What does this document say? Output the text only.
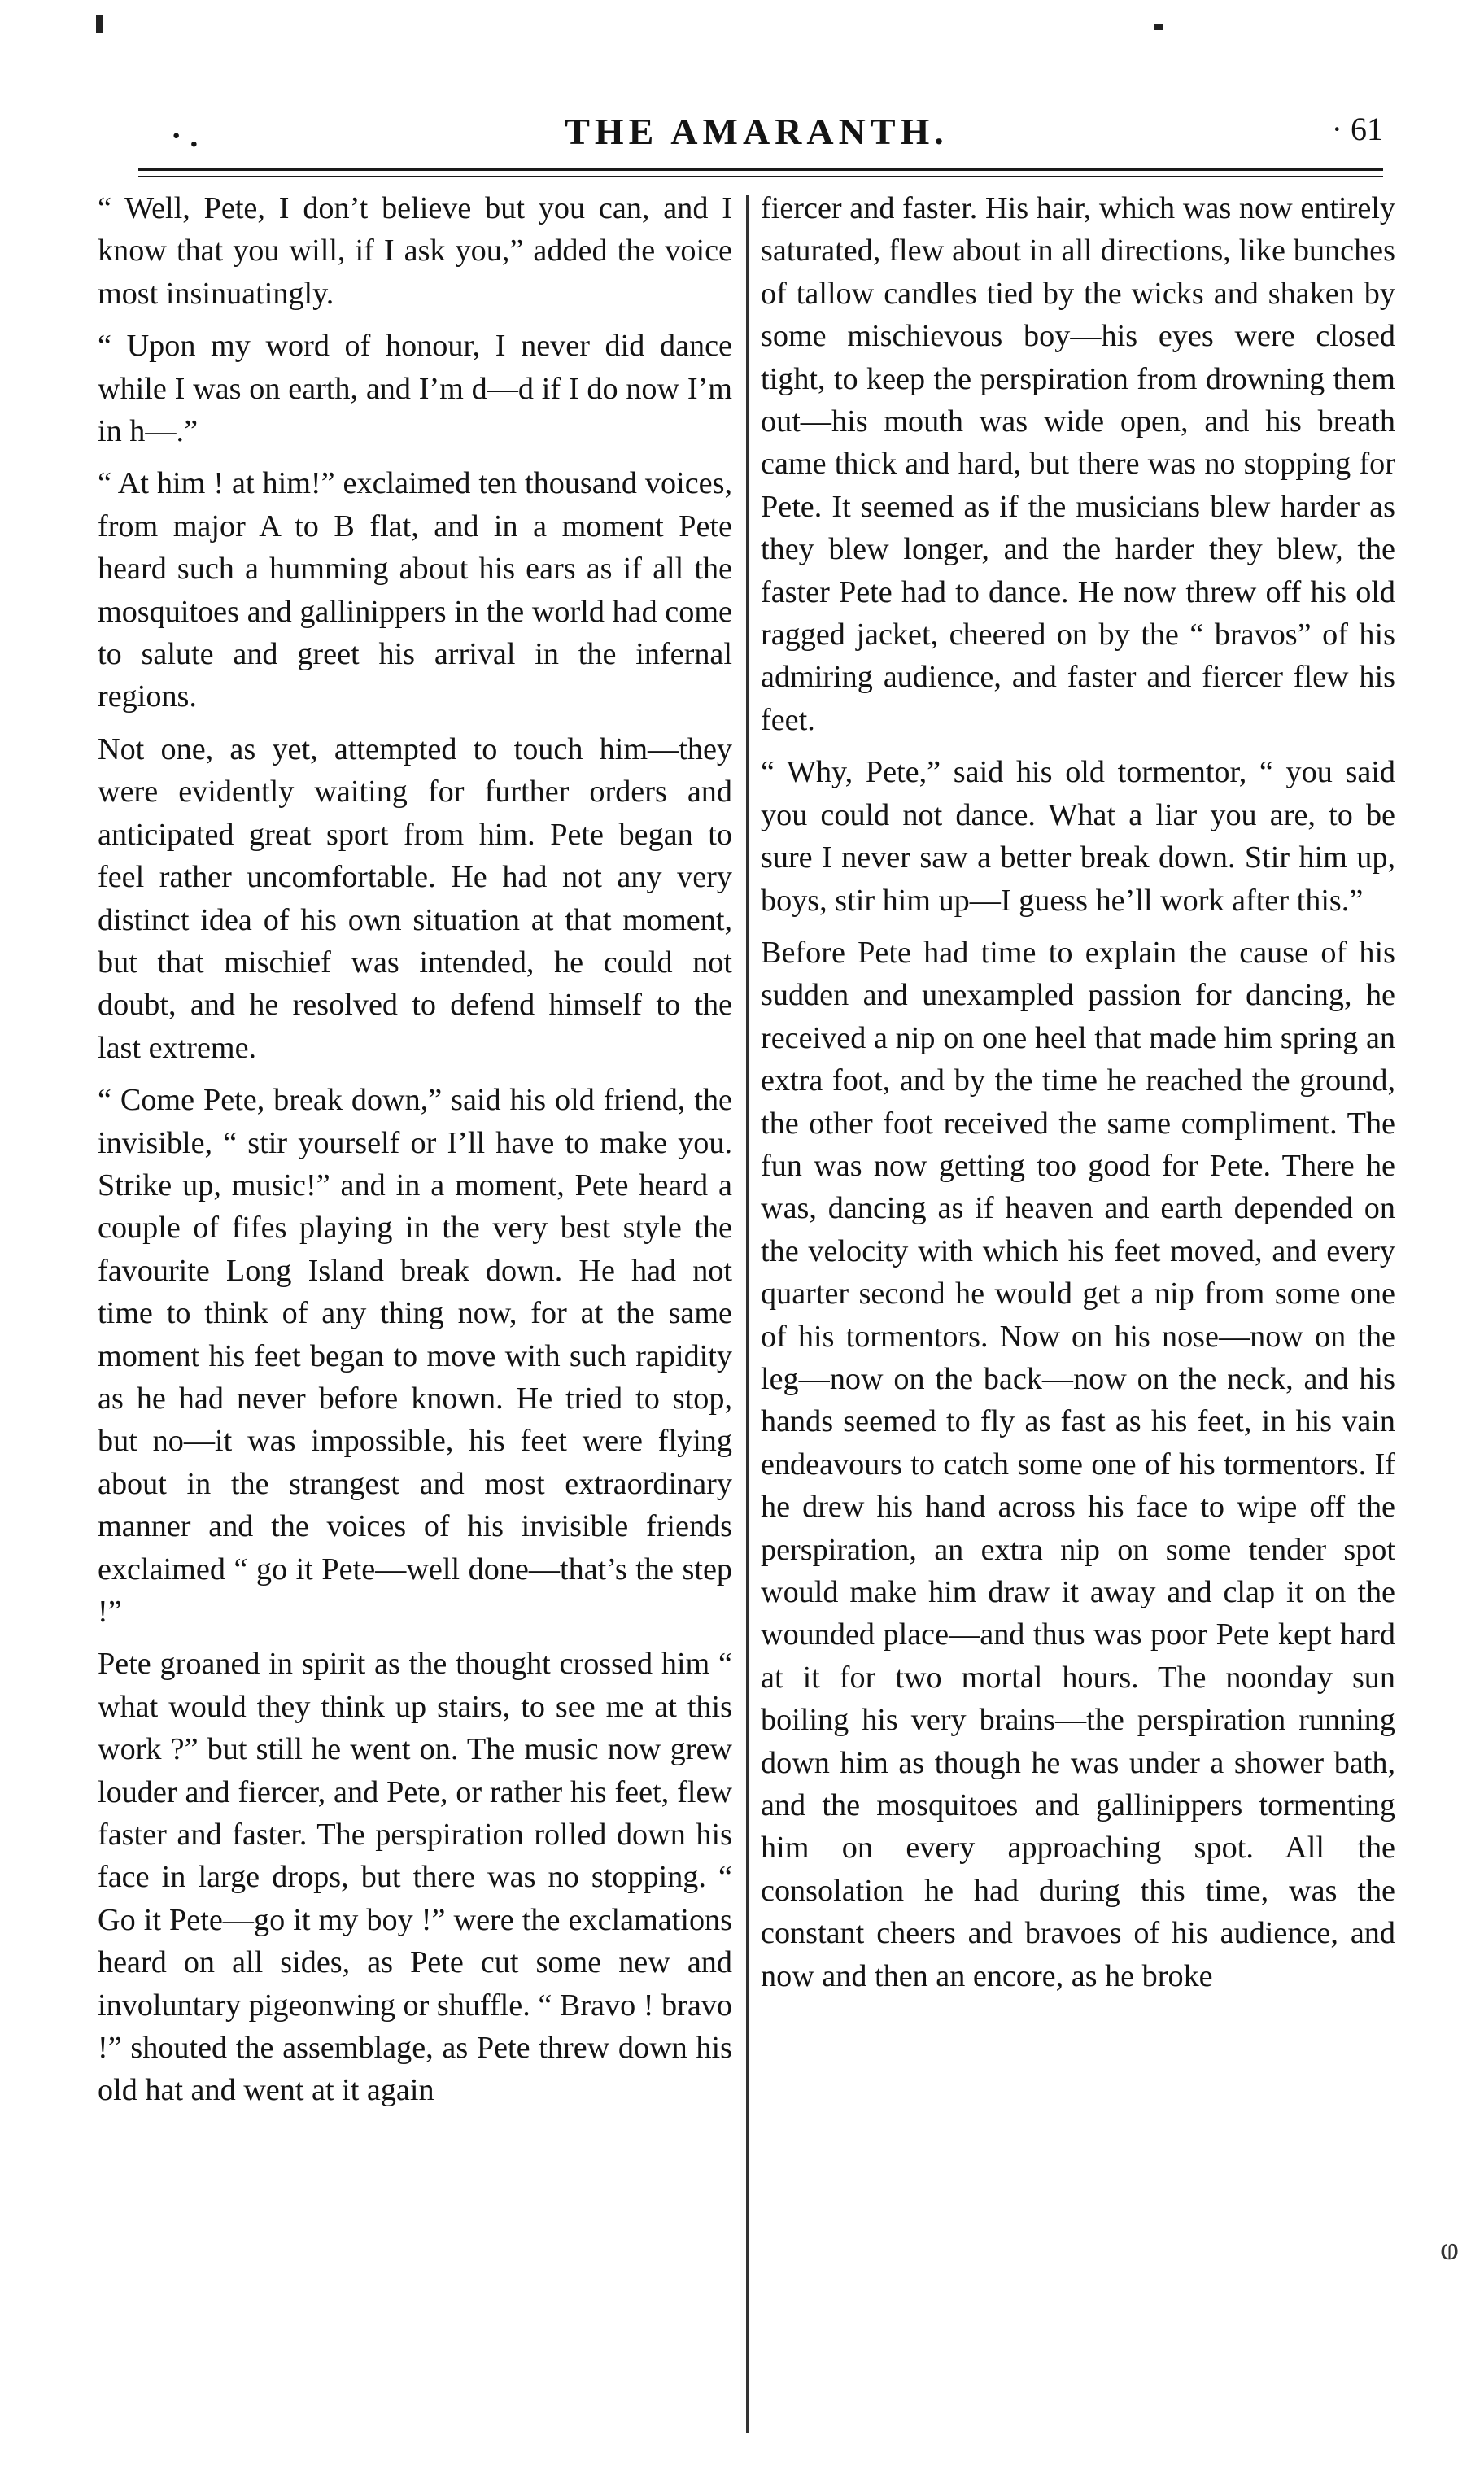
· .	THE AMARANTH.	· 61

“ Well, Pete, I don’t believe but you can, and I know that you will, if I ask you,” added the voice most insinuatingly.

“ Upon my word of honour, I never did dance while I was on earth, and I’m d—d if I do now I’m in h—.”

“ At him ! at him!” exclaimed ten thousand voices, from major A to B flat, and in a moment Pete heard such a humming about his ears as if all the mosquitoes and gallinippers in the world had come to salute and greet his arrival in the infernal regions.

Not one, as yet, attempted to touch him—they were evidently waiting for further orders and anticipated great sport from him. Pete began to feel rather uncomfortable. He had not any very distinct idea of his own situation at that moment, but that mischief was intended, he could not doubt, and he resolved to defend himself to the last extreme.

“ Come Pete, break down,” said his old friend, the invisible, “ stir yourself or I’ll have to make you. Strike up, music!” and in a moment, Pete heard a couple of fifes playing in the very best style the favourite Long Island break down. He had not time to think of any thing now, for at the same moment his feet began to move with such rapidity as he had never before known. He tried to stop, but no—it was impossible, his feet were flying about in the strangest and most extraordinary manner and the voices of his invisible friends exclaimed “ go it Pete—well done—that’s the step !”

Pete groaned in spirit as the thought crossed him “ what would they think up stairs, to see me at this work ?” but still he went on. The music now grew louder and fiercer, and Pete, or rather his feet, flew faster and faster. The perspiration rolled down his face in large drops, but there was no stopping. “ Go it Pete—go it my boy !” were the exclamations heard on all sides, as Pete cut some new and involuntary pigeonwing or shuffle. “ Bravo ! bravo !” shouted the assemblage, as Pete threw down his old hat and went at it again

fiercer and faster. His hair, which was now entirely saturated, flew about in all directions, like bunches of tallow candles tied by the wicks and shaken by some mischievous boy—his eyes were closed tight, to keep the perspiration from drowning them out—his mouth was wide open, and his breath came thick and hard, but there was no stopping for Pete. It seemed as if the musicians blew harder as they blew longer, and the harder they blew, the faster Pete had to dance. He now threw off his old ragged jacket, cheered on by the “ bravos” of his admiring audience, and faster and fiercer flew his feet.

“ Why, Pete,” said his old tormentor, “ you said you could not dance. What a liar you are, to be sure I never saw a better break down. Stir him up, boys, stir him up—I guess he’ll work after this.”

Before Pete had time to explain the cause of his sudden and unexampled passion for dancing, he received a nip on one heel that made him spring an extra foot, and by the time he reached the ground, the other foot received the same compliment. The fun was now getting too good for Pete. There he was, dancing as if heaven and earth depended on the velocity with which his feet moved, and every quarter second he would get a nip from some one of his tormentors. Now on his nose—now on the leg—now on the back—now on the neck, and his hands seemed to fly as fast as his feet, in his vain endeavours to catch some one of his tormentors. If he drew his hand across his face to wipe off the perspiration, an extra nip on some tender spot would make him draw it away and clap it on the wounded place—and thus was poor Pete kept hard at it for two mortal hours. The noonday sun boiling his very brains—the perspiration running down him as though he was under a shower bath, and the mosquitoes and gallinippers tormenting him on every approaching spot. All the consolation he had during this time, was the constant cheers and bravoes of his audience, and now and then an encore, as he broke

ⱷ
